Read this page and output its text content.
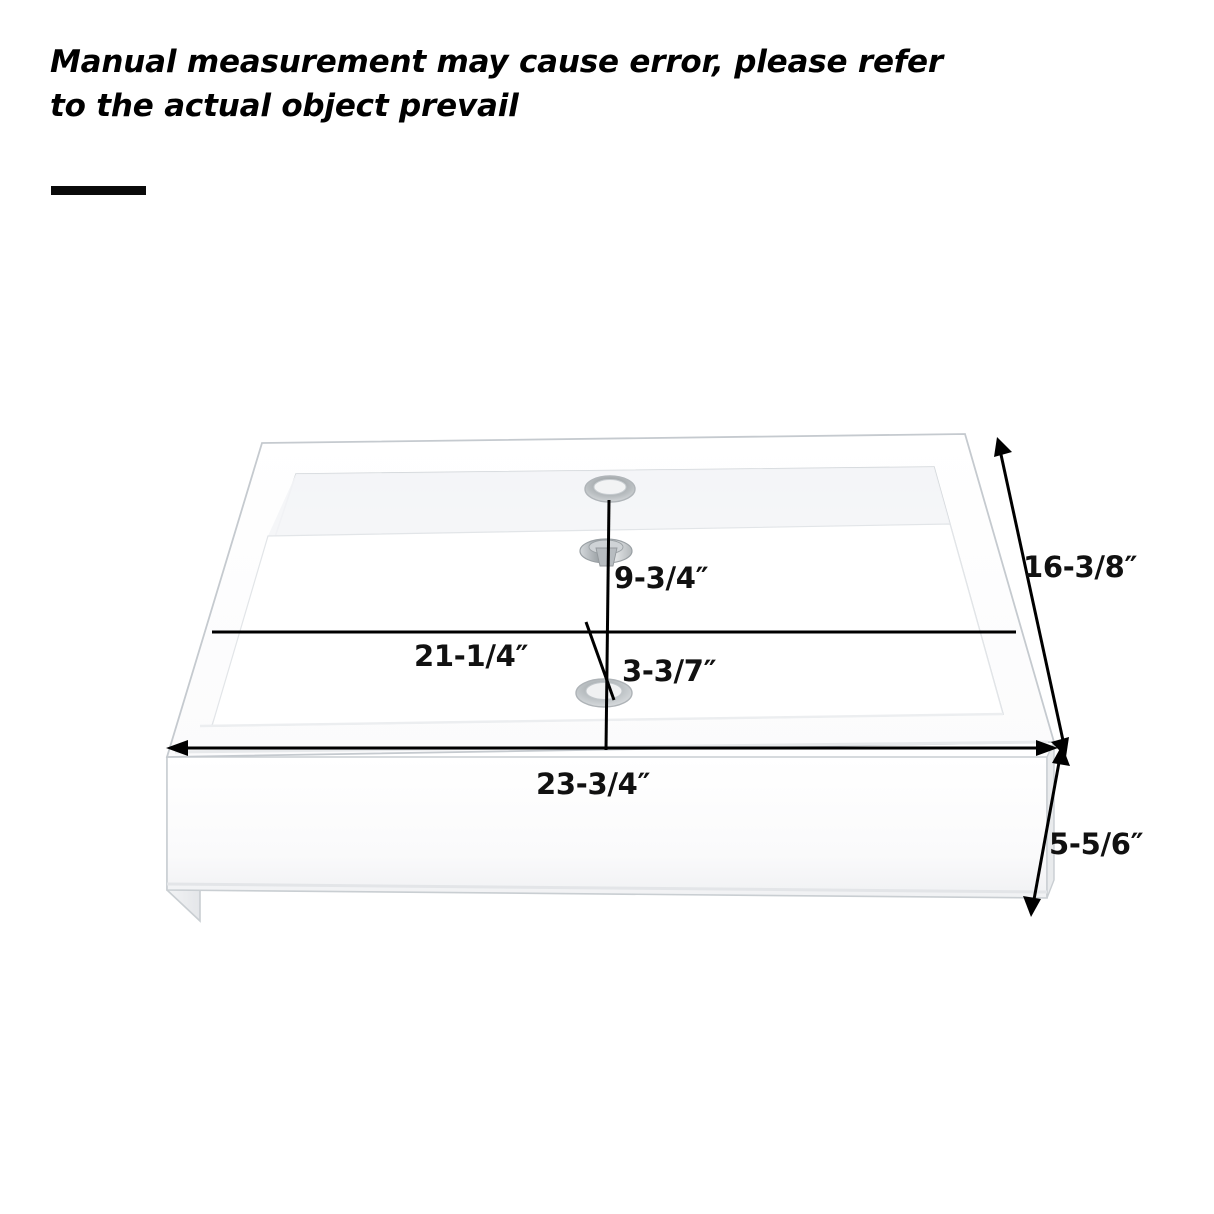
Manual measurement may cause error, please refer
to the actual object prevail
23-3/4″
16-3/8″
21-1/4″
5-5/6″
9-3/4″
3-3/7″
